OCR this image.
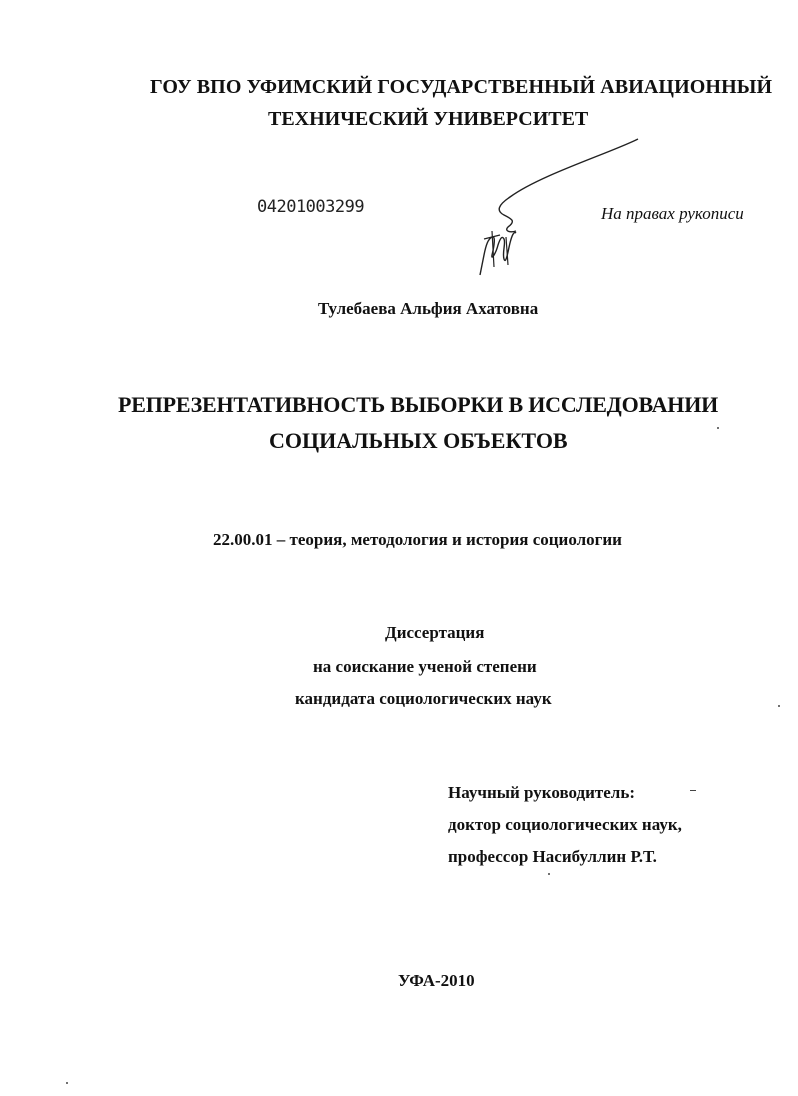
ГОУ ВПО УФИМСКИЙ ГОСУДАРСТВЕННЫЙ АВИАЦИОННЫЙ

ТЕХНИЧЕСКИЙ УНИВЕРСИТЕТ

04201003299	На правах рукописи

Тулебаева Альфия Ахатовна

РЕПРЕЗЕНТАТИВНОСТЬ ВЫБОРКИ В ИССЛЕДОВАНИИ

СОЦИАЛЬНЫХ ОБЪЕКТОВ

22.00.01 – теория, методология и история социологии

Диссертация

на соискание ученой степени

кандидата социологических наук

Научный руководитель:

доктор социологических наук,

профессор Насибуллин Р.Т.

УФА-2010
